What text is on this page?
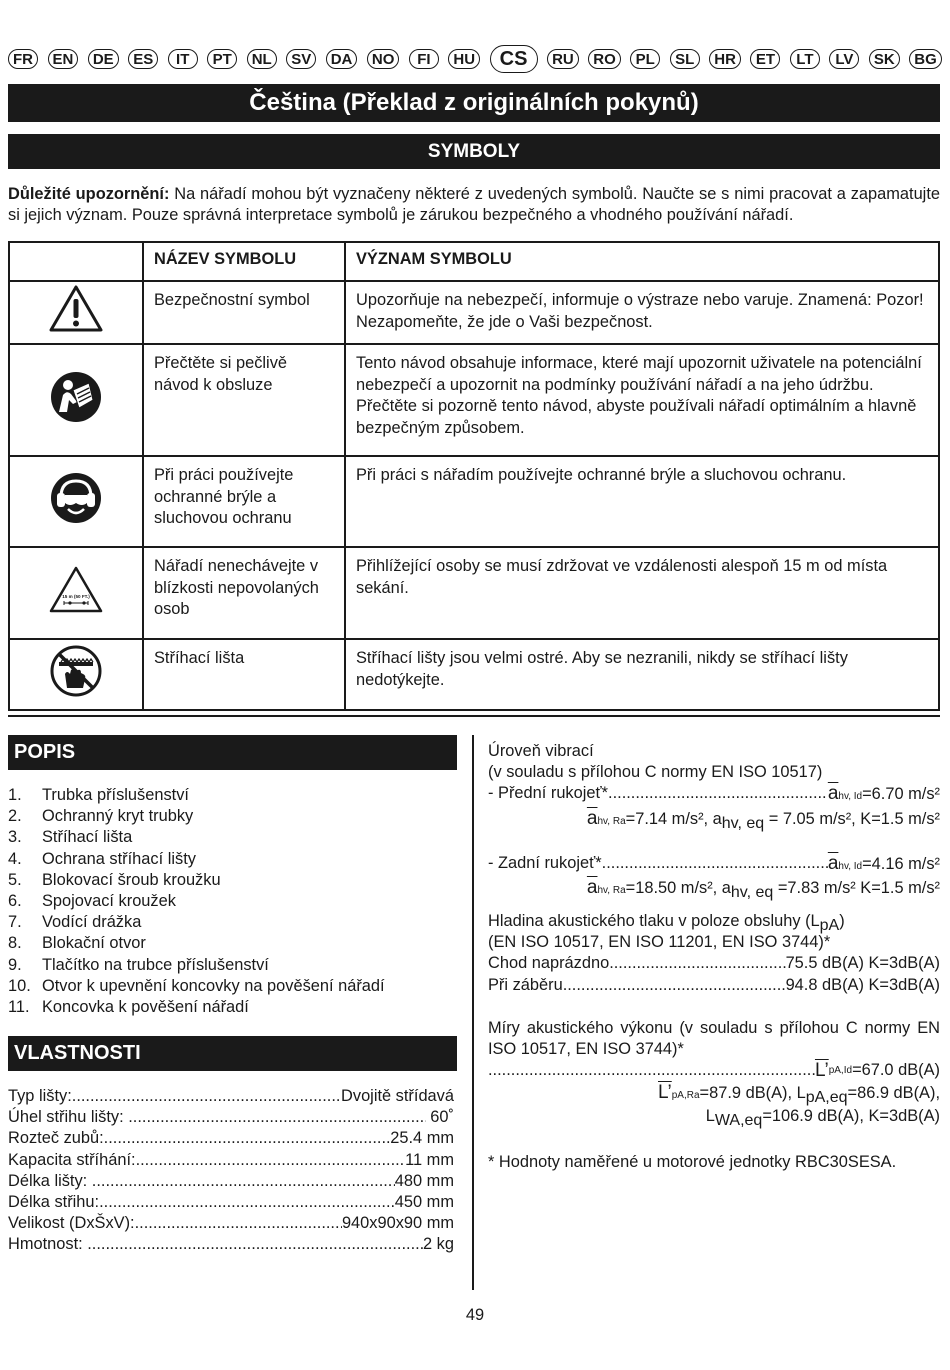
FR	EN	DE	ES	IT	PT	NL	SV	DA	NO	FI	HU	CS	RU	RO	PL	SL	HR	ET	LT	LV	SK	BG
Čeština (Překlad z originálních pokynů)
SYMBOLY
Důležité upozornění: Na nářadí mohou být vyznačeny některé z uvedených symbolů. Naučte se s nimi pracovat a zapamatujte si jejich význam. Pouze správná interpretace symbolů je zárukou bezpečného a vhodného používání nářadí.
	NÁZEV SYMBOLU	VÝZNAM SYMBOLU
	Bezpečnostní symbol	Upozorňuje na nebezpečí, informuje o výstraze nebo varuje. Znamená: Pozor! Nezapomeňte, že jde o Vaši bezpečnost.
	Přečtěte si pečlivě návod k obsluze	Tento návod obsahuje informace, které mají upozornit uživatele na potenciální nebezpečí a upozornit na podmínky používání nářadí a na jeho údržbu. Přečtěte si pozorně tento návod, abyste používali nářadí optimálním a hlavně bezpečným způsobem.
	Při práci používejte ochranné brýle a sluchovou ochranu	Při práci s nářadím používejte ochranné brýle a sluchovou ochranu.

15 m (50 FT.)	Nářadí nenechávejte v blízkosti nepovolaných osob	Přihlížející osoby se musí zdržovat ve vzdálenosti alespoň 15 m od místa sekání.
	Stříhací lišta	Stříhací lišty jsou velmi ostré. Aby se nezranili, nikdy se stříhací lišty nedotýkejte.
POPIS
1.	Trubka příslušenství
2.	Ochranný kryt trubky
3.	Stříhací lišta
4.	Ochrana stříhací lišty
5.	Blokovací šroub kroužku
6.	Spojovací kroužek
7.	Vodící drážka
8.	Blokační otvor
9.	Tlačítko na trubce příslušenství
10. Otvor k upevnění koncovky na pověšení nářadí
11. Koncovka k pověšení nářadí
VLASTNOSTI
Typ lišty: .....	Dvojitě střídavá
Úhel střihu lišty: .....	60˚
Rozteč zubů: .....	25.4 mm
Kapacita stříhání: .....	11 mm
Délka lišty: .....	480 mm
Délka střihu: .....	450 mm
Velikost (DxŠxV): .....	940x90x90 mm
Hmotnost: .....	2 kg
Úroveň vibrací
(v souladu s přílohou C normy EN ISO 10517)
- Přední rukojeť* .....	$\overline{a}hv$, Id=6.70 m/s²
$\overline{a}hv$, Ra=7.14 m/s², $a_{hv, eq} = 7.05$ m/s², K=1.5 m/s²
- Zadní rukojeť* .....	$\overline{a}hv$, Id=4.16 m/s²
$\overline{a}hv$, Ra=18.50 m/s², $a_{hv, eq} =7.83$ m/s² K=1.5 m/s²
Hladina akustického tlaku v poloze obsluhy $(L_{pA})$
(EN ISO 10517, EN ISO 11201, EN ISO 3744)*
Chod naprázdno .....	75.5 dB(A) K=3dB(A)
Při záběru .....	94.8 dB(A) K=3dB(A)
Míry akustického výkonu (v souladu s přílohou C normy EN ISO 10517, EN ISO 3744)*
.....
L’ pA,Id =67.0 dB(A)
L’pA,Ra=87.9 dB(A), $L_{pA,eq}=86.9$ dB(A),
$L_{WA,eq}=106.9$ dB(A), K=3dB(A)
* Hodnoty naměřené u motorové jednotky RBC30SESA.
49
